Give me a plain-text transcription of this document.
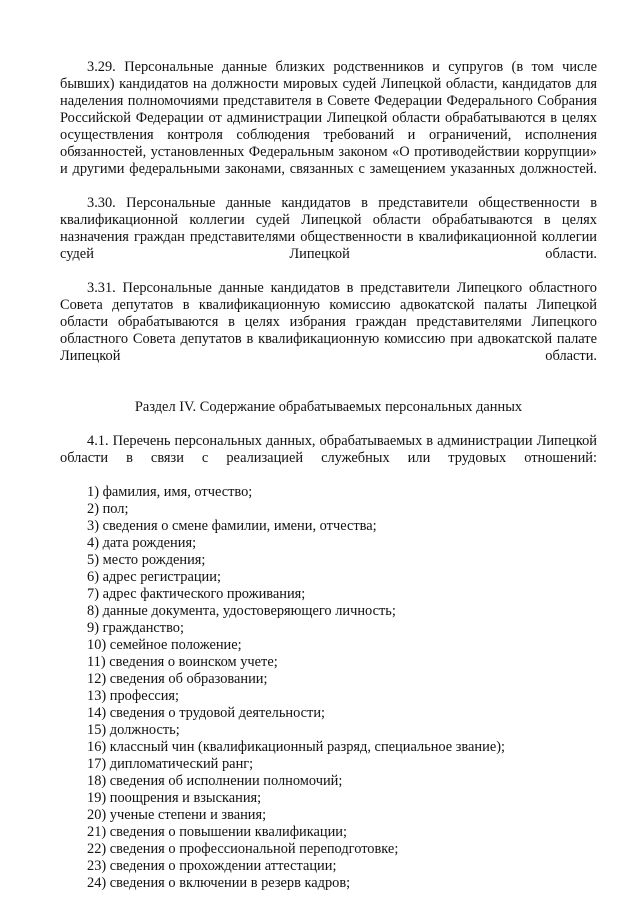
3.29. Персональные данные близких родственников и супругов (в том числе бывших) кандидатов на должности мировых судей Липецкой области, кандидатов для наделения полномочиями представителя в Совете Федерации Федерального Собрания Российской Федерации от администрации Липецкой области обрабатываются в целях осуществления контроля соблюдения требований и ограничений, исполнения обязанностей, установленных Федеральным законом «О противодействии коррупции» и другими федеральными законами, связанных с замещением указанных должностей.

3.30. Персональные данные кандидатов в представители общественности в квалификационной коллегии судей Липецкой области обрабатываются в целях назначения граждан представителями общественности в квалификационной коллегии судей Липецкой области.

3.31. Персональные данные кандидатов в представители Липецкого областного Совета депутатов в квалификационную комиссию адвокатской палаты Липецкой области обрабатываются в целях избрания граждан представителями Липецкого областного Совета депутатов в квалификационную комиссию при адвокатской палате Липецкой области.

Раздел IV. Содержание обрабатываемых персональных данных

4.1. Перечень персональных данных, обрабатываемых в администрации Липецкой области в связи с реализацией служебных или трудовых отношений:

1) фамилия, имя, отчество;
2) пол;
3) сведения о смене фамилии, имени, отчества;
4) дата рождения;
5) место рождения;
6) адрес регистрации;
7) адрес фактического проживания;
8) данные документа, удостоверяющего личность;
9) гражданство;
10) семейное положение;
11) сведения о воинском учете;
12) сведения об образовании;
13) профессия;
14) сведения о трудовой деятельности;
15) должность;
16) классный чин (квалификационный разряд, специальное звание);
17) дипломатический ранг;
18) сведения об исполнении полномочий;
19) поощрения и взыскания;
20) ученые степени и звания;
21) сведения о повышении квалификации;
22) сведения о профессиональной переподготовке;
23) сведения о прохождении аттестации;
24) сведения о включении в резерв кадров;
